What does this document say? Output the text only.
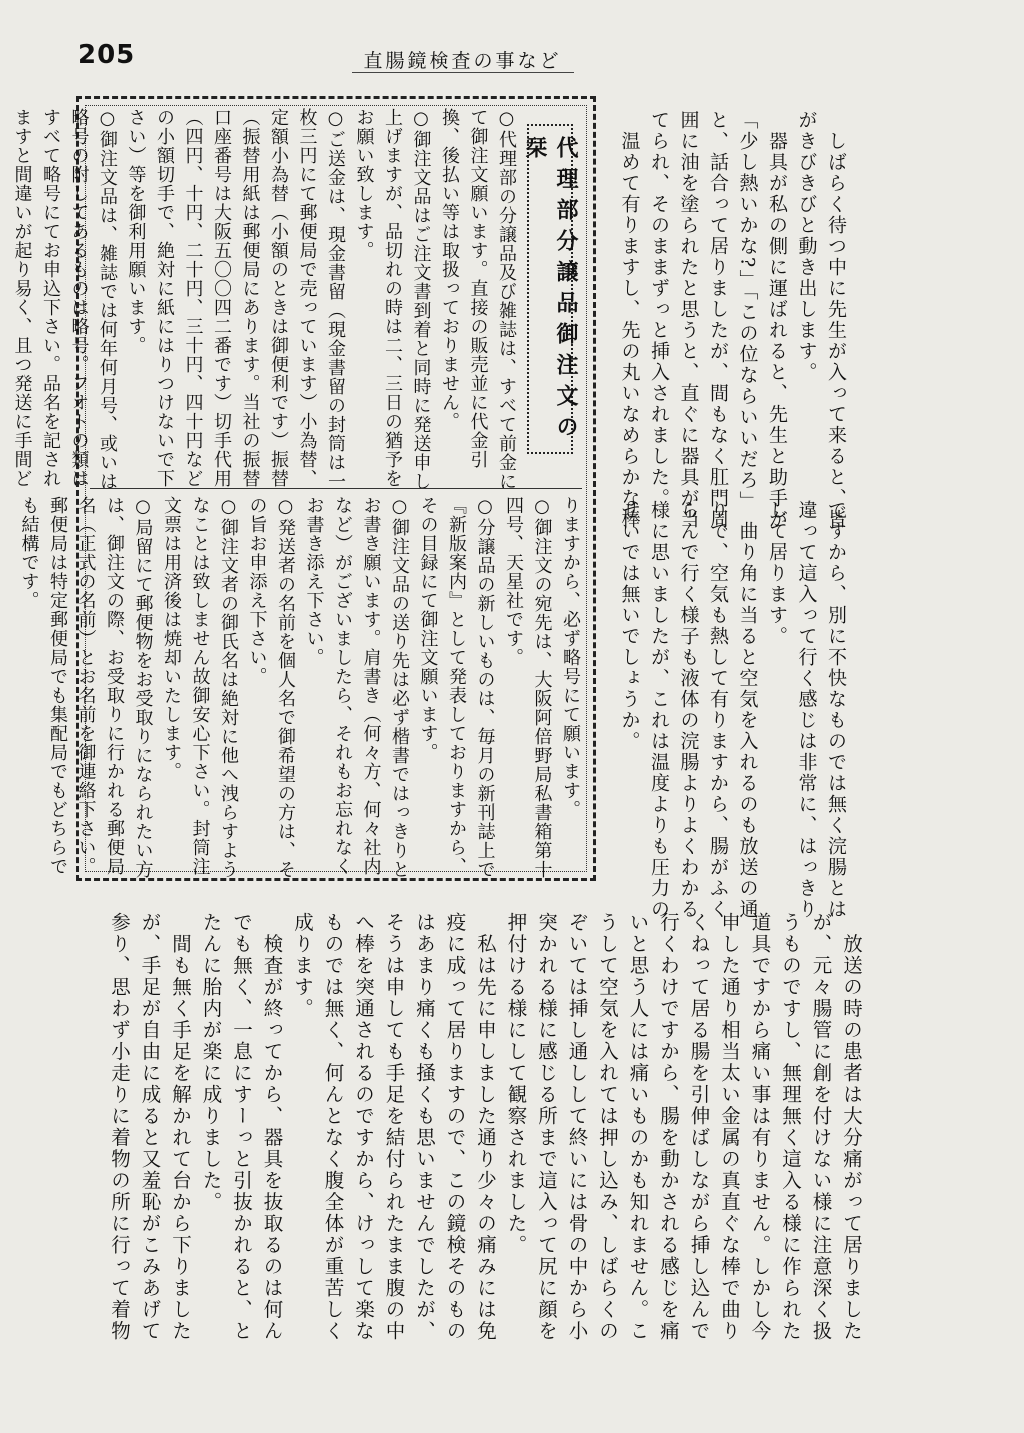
205	直腸鏡検査の事など
　しばらく待つ中に先生が入って来ると、皆
がきびきびと動き出します。
　器具が私の側に運ばれると、先生と助手が
「少し熱いかな?」「この位ならいいだろ」
と、話合って居りましたが、間もなく肛門周
囲に油を塗られたと思うと、直ぐに器具が当
てられ、そのままずっと挿入されました。
　温めて有りますし、先の丸いなめらかな棒
ですから、別に不快なものでは無く浣腸とは
違って這入って行く感じは非常に、はっきり
して居ります。
　曲り角に当ると空気を入れるのも放送の通
りで、空気も熱して有りますから、腸がふく
らんで行く様子も液体の浣腸よりよくわかる
様に思いましたが、これは温度よりも圧力の
せいでは無いでしょうか。
代理部分譲品御注文の栞
○代理部の分譲品及び雑誌は、すべて前金に
て御注文願います。直接の販売並に代金引
換、後払い等は取扱っておりません。
○御注文品はご注文書到着と同時に発送申し
上げますが、品切れの時は二、三日の猶予を
お願い致します。
○ご送金は、現金書留（現金書留の封筒は一
枚三円にて郵便局で売っています）小為替、
定額小為替（小額のときは御便利です）振替
（振替用紙は郵便局にあります。当社の振替
口座番号は大阪五〇〇四二番です）切手代用
（四円、十円、二十円、三十円、四十円など
の小額切手で、絶対に紙にはりつけないで下
さい）等を御利用願います。
○御注文品は、雑誌では何年何月号、或いは
略号の附してあるものは略号。フオトの類は
すべて略号にてお申込下さい。品名を記され
ますと間違いが起り易く、且つ発送に手間ど
りますから、必ず略号にて願います。
○御注文の宛先は、大阪阿倍野局私書箱第十
四号、天星社です。
○分譲品の新しいものは、毎月の新刊誌上で
『新版案内』として発表しておりますから、
その目録にて御注文願います。
○御注文品の送り先は必ず楷書ではっきりと
お書き願います。肩書き（何々方、何々社内
など）がございましたら、それもお忘れなく
お書き添え下さい。
○発送者の名前を個人名で御希望の方は、そ
の旨お申添え下さい。
○御注文者の御氏名は絶対に他へ洩らすよう
なことは致しません故御安心下さい。封筒注
文票は用済後は焼却いたします。
○局留にて郵便物をお受取りになられたい方
は、御注文の際、お受取りに行かれる郵便局
名（正式の名前）とお名前を御連絡下さい。
郵便局は特定郵便局でも集配局でもどちらで
も結構です。
　放送の時の患者は大分痛がって居りました
が、元々腸管に創を付けない様に注意深く扱
うものですし、無理無く這入る様に作られた
道具ですから痛い事は有りません。しかし今
申した通り相当太い金属の真直ぐな棒で曲り
くねって居る腸を引伸ばしながら挿し込んで
行くわけですから、腸を動かされる感じを痛
いと思う人には痛いものかも知れません。こ
うして空気を入れては押し込み、しばらくの
ぞいては挿し通しして終いには骨の中から小
突かれる様に感じる所まで這入って尻に顔を
押付ける様にして観察されました。
　私は先に申しました通り少々の痛みには免
疫に成って居りますので、この鏡検そのもの
はあまり痛くも掻くも思いませんでしたが、
そうは申しても手足を結付られたまま腹の中
へ棒を突通されるのですから、けっして楽な
ものでは無く、何んとなく腹全体が重苦しく
成ります。
　検査が終ってから、器具を抜取るのは何ん
でも無く、一息にすーっと引抜かれると、と
たんに胎内が楽に成りました。
　間も無く手足を解かれて台から下りました
が、手足が自由に成ると又羞恥がこみあげて
参り、思わず小走りに着物の所に行って着物
